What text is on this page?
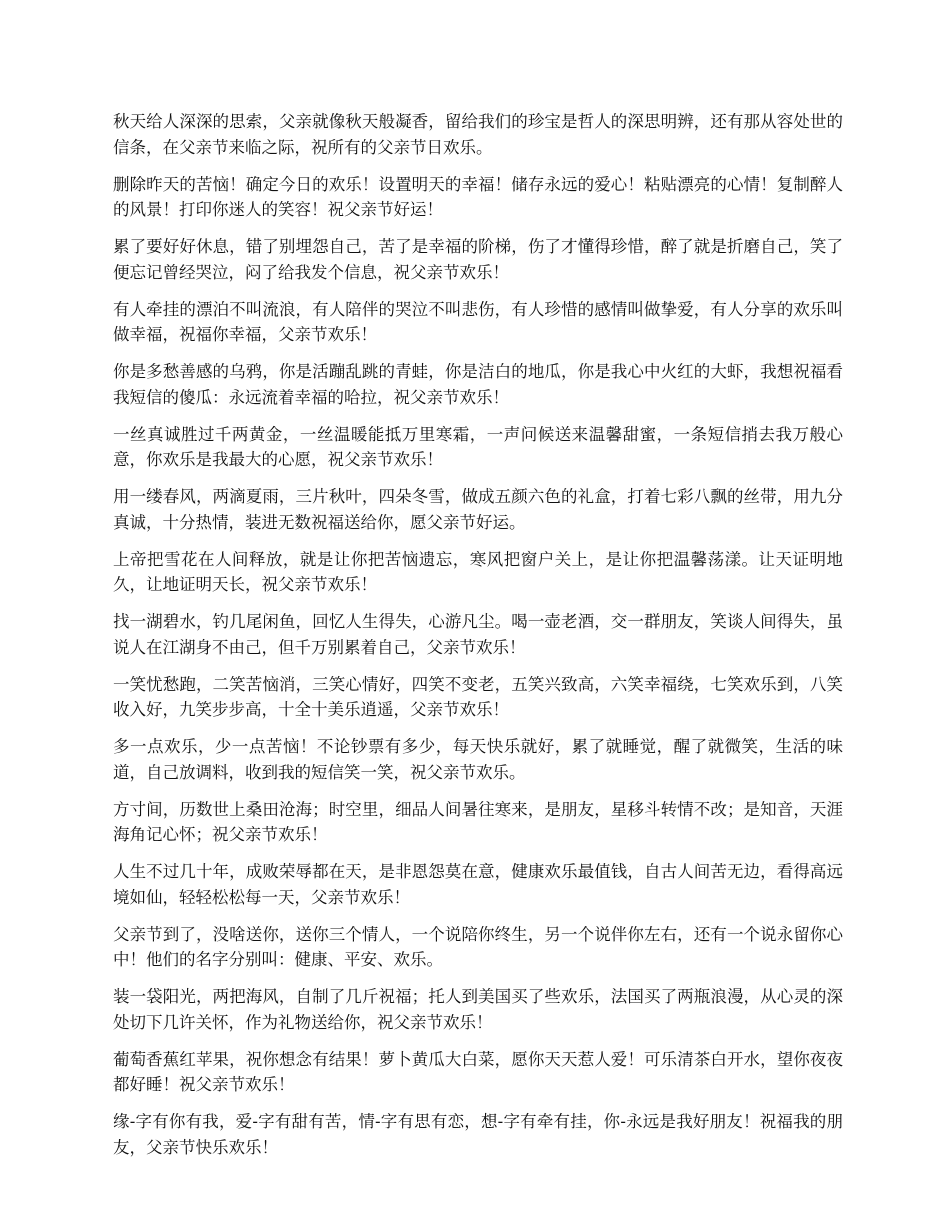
秋天给人深深的思索，父亲就像秋天般凝香，留给我们的珍宝是哲人的深思明辨，还有那从容处世的信条，在父亲节来临之际，祝所有的父亲节日欢乐。

删除昨天的苦恼！确定今日的欢乐！设置明天的幸福！储存永远的爱心！粘贴漂亮的心情！复制醉人的风景！打印你迷人的笑容！祝父亲节好运！

累了要好好休息，错了别埋怨自己，苦了是幸福的阶梯，伤了才懂得珍惜，醉了就是折磨自己，笑了便忘记曾经哭泣，闷了给我发个信息，祝父亲节欢乐！

有人牵挂的漂泊不叫流浪，有人陪伴的哭泣不叫悲伤，有人珍惜的感情叫做挚爱，有人分享的欢乐叫做幸福，祝福你幸福，父亲节欢乐！

你是多愁善感的乌鸦，你是活蹦乱跳的青蛙，你是洁白的地瓜，你是我心中火红的大虾，我想祝福看我短信的傻瓜：永远流着幸福的哈拉，祝父亲节欢乐！

一丝真诚胜过千两黄金，一丝温暖能抵万里寒霜，一声问候送来温馨甜蜜，一条短信捎去我万般心意，你欢乐是我最大的心愿，祝父亲节欢乐！

用一缕春风，两滴夏雨，三片秋叶，四朵冬雪，做成五颜六色的礼盒，打着七彩八飘的丝带，用九分真诚，十分热情，装进无数祝福送给你，愿父亲节好运。

上帝把雪花在人间释放，就是让你把苦恼遗忘，寒风把窗户关上，是让你把温馨荡漾。让天证明地久，让地证明天长，祝父亲节欢乐！

找一湖碧水，钓几尾闲鱼，回忆人生得失，心游凡尘。喝一壶老酒，交一群朋友，笑谈人间得失，虽说人在江湖身不由己，但千万别累着自己，父亲节欢乐！

一笑忧愁跑，二笑苦恼消，三笑心情好，四笑不变老，五笑兴致高，六笑幸福绕，七笑欢乐到，八笑收入好，九笑步步高，十全十美乐逍遥，父亲节欢乐！

多一点欢乐，少一点苦恼！不论钞票有多少，每天快乐就好，累了就睡觉，醒了就微笑，生活的味道，自己放调料，收到我的短信笑一笑，祝父亲节欢乐。

方寸间，历数世上桑田沧海；时空里，细品人间暑往寒来，是朋友，星移斗转情不改；是知音，天涯海角记心怀；祝父亲节欢乐！

人生不过几十年，成败荣辱都在天，是非恩怨莫在意，健康欢乐最值钱，自古人间苦无边，看得高远境如仙，轻轻松松每一天，父亲节欢乐！

父亲节到了，没啥送你，送你三个情人，一个说陪你终生，另一个说伴你左右，还有一个说永留你心中！他们的名字分别叫：健康、平安、欢乐。

装一袋阳光，两把海风，自制了几斤祝福；托人到美国买了些欢乐，法国买了两瓶浪漫，从心灵的深处切下几许关怀，作为礼物送给你，祝父亲节欢乐！

葡萄香蕉红苹果，祝你想念有结果！萝卜黄瓜大白菜，愿你天天惹人爱！可乐清茶白开水，望你夜夜都好睡！祝父亲节欢乐！

缘-字有你有我，爱-字有甜有苦，情-字有思有恋，想-字有牵有挂，你-永远是我好朋友！祝福我的朋友，父亲节快乐欢乐！
